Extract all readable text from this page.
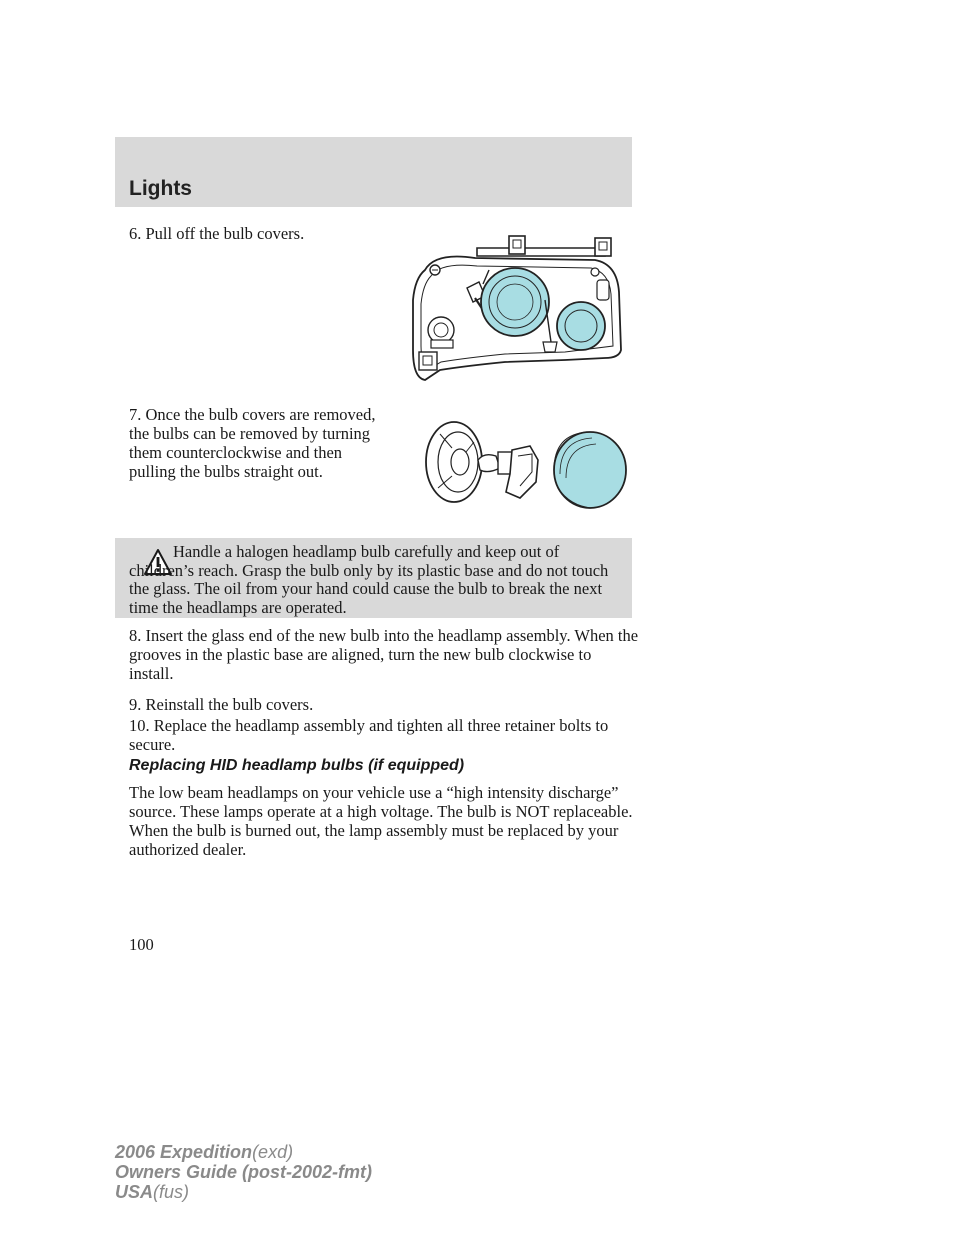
Lights

6. Pull off the bulb covers.

7. Once the bulb covers are removed, the bulbs can be removed by turning them counterclockwise and then pulling the bulbs straight out.

Handle a halogen headlamp bulb carefully and keep out of children’s reach. Grasp the bulb only by its plastic base and do not touch the glass. The oil from your hand could cause the bulb to break the next time the headlamps are operated.

8. Insert the glass end of the new bulb into the headlamp assembly. When the grooves in the plastic base are aligned, turn the new bulb clockwise to install.

9. Reinstall the bulb covers.

10. Replace the headlamp assembly and tighten all three retainer bolts to secure.

Replacing HID headlamp bulbs (if equipped)

The low beam headlamps on your vehicle use a “high intensity discharge” source. These lamps operate at a high voltage. The bulb is NOT replaceable. When the bulb is burned out, the lamp assembly must be replaced by your authorized dealer.

100

2006 Expedition(exd)
Owners Guide (post-2002-fmt)
USA(fus)
